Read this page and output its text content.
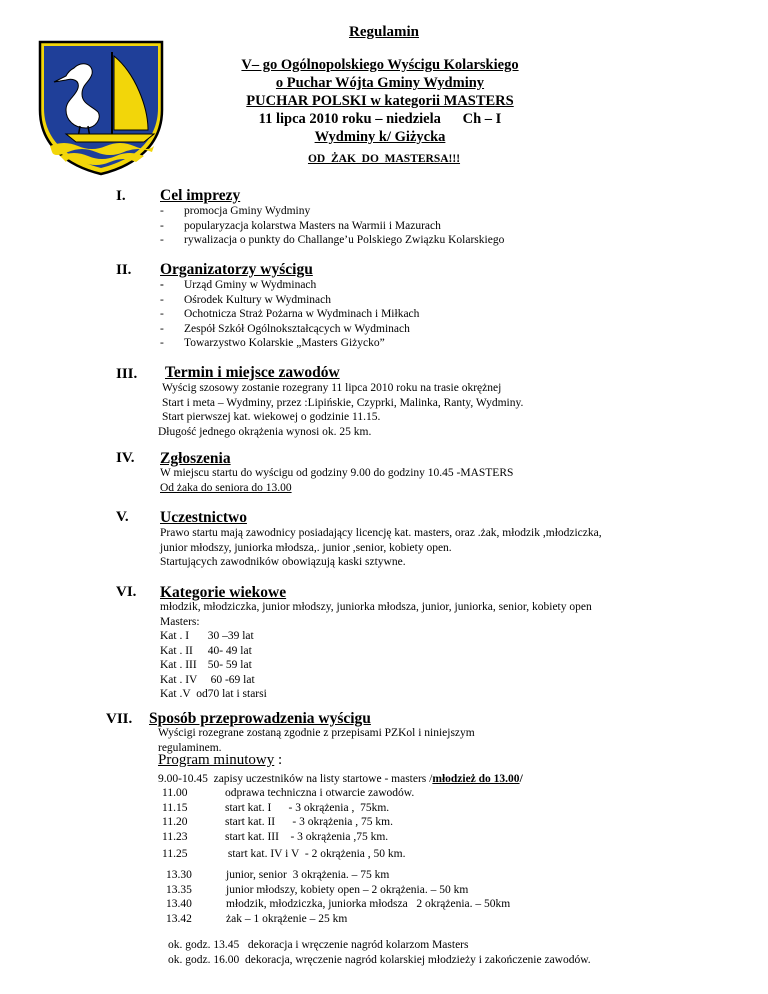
Regulamin
V– go Ogólnopolskiego Wyścigu Kolarskiego
o Puchar Wójta Gminy Wydminy
PUCHAR POLSKI w kategorii MASTERS
11 lipca 2010 roku – niedziela      Ch – I
Wydminy k/ Giżycka
OD  ŻAK  DO  MASTERSA!!!
I. Cel imprezy
- promocja Gminy Wydminy
- popularyzacja kolarstwa Masters na Warmii i Mazurach
- rywalizacja o punkty do Challange’u Polskiego Związku Kolarskiego
II. Organizatorzy wyścigu
- Urząd Gminy w Wydminach
- Ośrodek Kultury w Wydminach
- Ochotnicza Straż Pożarna w Wydminach i Miłkach
- Zespół Szkół Ogólnokształcących w Wydminach
- Towarzystwo Kolarskie „Masters Giżycko”
III. Termin i miejsce zawodów
Wyścig szosowy zostanie rozegrany 11 lipca 2010 roku na trasie okrężnej
Start i meta – Wydminy, przez :Lipińskie, Czyprki, Malinka, Ranty, Wydminy.
Start pierwszej kat. wiekowej o godzinie 11.15.
Długość jednego okrążenia wynosi ok. 25 km.
IV. Zgłoszenia
W miejscu startu do wyścigu od godziny 9.00 do godziny 10.45 -MASTERS
Od żaka do seniora do 13.00
V. Uczestnictwo
Prawo startu mają zawodnicy posiadający licencję kat. masters, oraz .żak, młodzik ,młodziczka,
junior młodszy, juniorka młodsza,. junior ,senior, kobiety open.
Startujących zawodników obowiązują kaski sztywne.
VI. Kategorie wiekowe
młodzik, młodziczka, junior młodszy, juniorka młodsza, junior, juniorka, senior, kobiety open
Masters:
Kat . I	30 –39 lat
Kat . II	40- 49 lat
Kat . III	50- 59 lat
Kat . IV	60 -69 lat
Kat .V  od	70 lat i starsi
VII. Sposób przeprowadzenia wyścigu
Wyścigi rozegrane zostaną zgodnie z przepisami PZKol i niniejszym
regulaminem.
Program minutowy :
9.00-10.45  zapisy uczestników na listy startowe - masters /młodzież do 13.00/
11.00	odprawa techniczna i otwarcie zawodów.
11.15	start kat. I      - 3 okrążenia ,  75km.
11.20	start kat. II      - 3 okrążenia , 75 km.
11.23	start kat. III    - 3 okrążenia ,75 km.
11.25	start kat. IV i V  - 2 okrążenia , 50 km.
13.30	junior, senior  3 okrążenia. – 75 km
13.35	junior młodszy, kobiety open – 2 okrążenia. – 50 km
13.40	młodzik, młodziczka, juniorka młodsza   2 okrążenia. – 50km
13.42	żak – 1 okrążenie – 25 km
ok. godz. 13.45   dekoracja i wręczenie nagród kolarzom Masters
ok. godz. 16.00  dekoracja, wręczenie nagród kolarskiej młodzieży i zakończenie zawodów.
